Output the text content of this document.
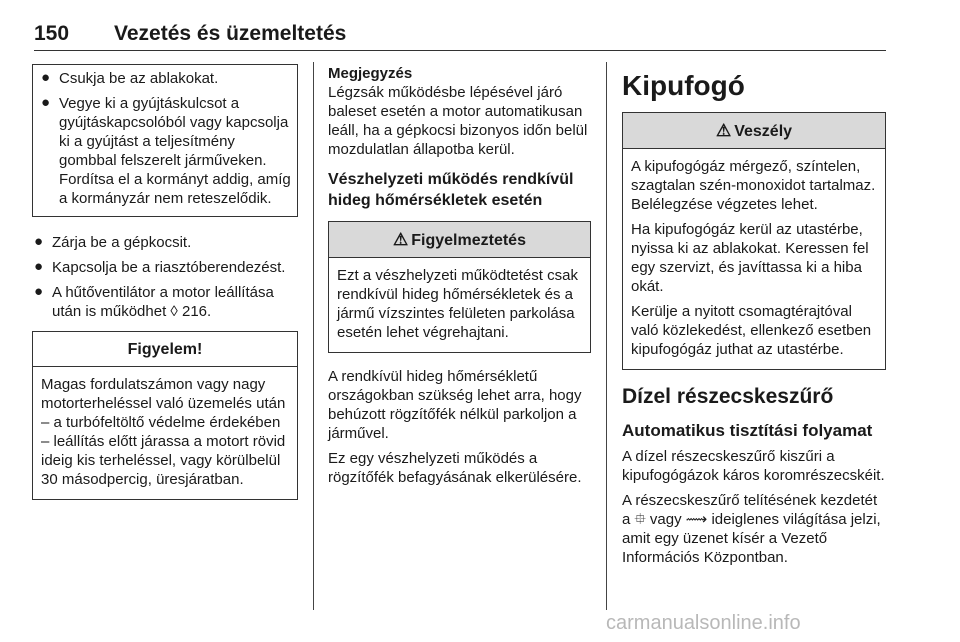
150 Vezetés és üzemeltetés
● Csukja be az ablakokat.
● Vegye ki a gyújtáskulcsot a gyújtáskapcsolóból vagy kapcsolja ki a gyújtást a teljesítmény gombbal felszerelt járműveken. Fordítsa el a kormányt addig, amíg a kormányzár nem reteszelődik.
● Zárja be a gépkocsit.
● Kapcsolja be a riasztóberendezést.
● A hűtőventilátor a motor leállítása után is működhet ◊ 216.
Figyelem!

Magas fordulatszámon vagy nagy motorterheléssel való üzemelés után – a turbófeltöltő védelme érdekében – leállítás előtt járassa a motort rövid ideig kis terheléssel, vagy körülbelül 30 másodpercig, üresjáratban.

Megjegyzés

Légzsák működésbe lépésével járó baleset esetén a motor automatikusan leáll, ha a gépkocsi bizonyos időn belül mozdulatlan állapotba kerül.

Vészhelyzeti működés rendkívül hideg hőmérsékletek esetén
⚠ Figyelmeztetés

Ezt a vészhelyzeti működtetést csak rendkívül hideg hőmérsékletek és a jármű vízszintes felületen parkolása esetén lehet végrehajtani.

A rendkívül hideg hőmérsékletű országokban szükség lehet arra, hogy behúzott rögzítőfék nélkül parkoljon a járművel.

Ez egy vészhelyzeti működés a rögzítőfék befagyásának elkerülésére.

Kipufogó
⚠ Veszély

A kipufogógáz mérgező, színtelen, szagtalan szén-monoxidot tartalmaz. Belélegzése végzetes lehet.

Ha kipufogógáz kerül az utastérbe, nyissa ki az ablakokat. Keressen fel egy szervizt, és javíttassa ki a hiba okát.

Kerülje a nyitott csomagtérajtóval való közlekedést, ellenkező esetben kipufogógáz juthat az utastérbe.

Dízel részecskeszűrő
Automatikus tisztítási folyamat

A dízel részecskeszűrő kiszűri a kipufogógázok káros koromrészecskéit.

A részecskeszűrő telítésének kezdetét a ⯐ vagy ⟿ ideiglenes világítása jelzi, amit egy üzenet kísér a Vezető Információs Központban.

carmanualsonline.info
